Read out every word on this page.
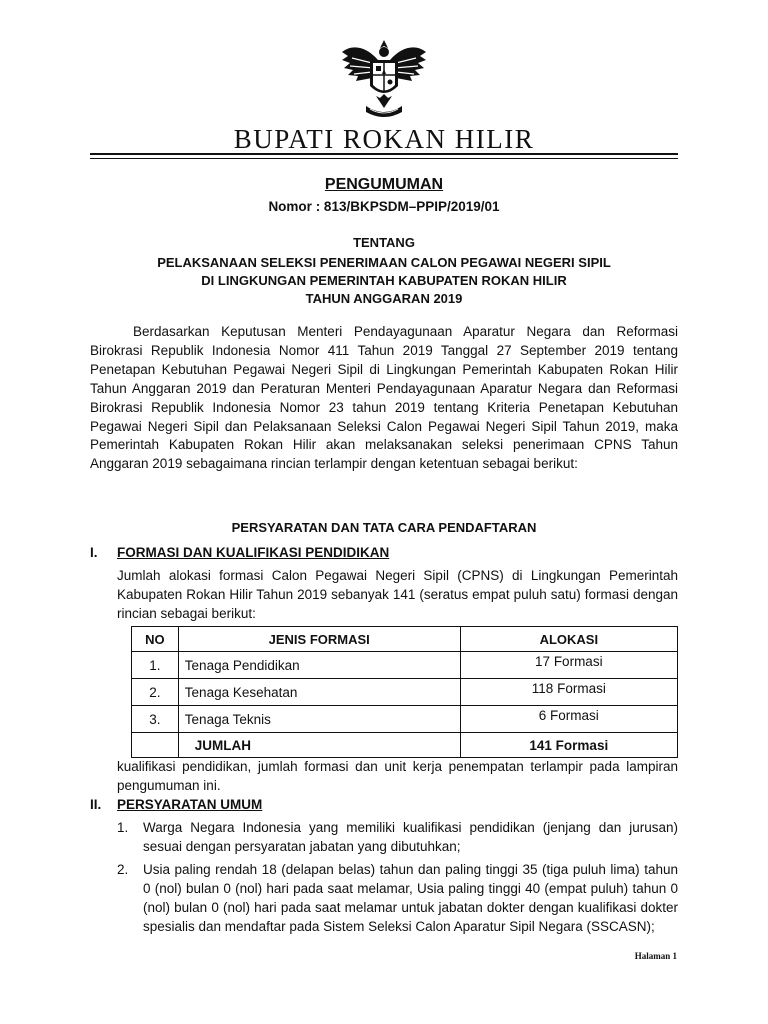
BUPATI ROKAN HILIR
PENGUMUMAN
Nomor : 813/BKPSDM–PPIP/2019/01
TENTANG
PELAKSANAAN SELEKSI PENERIMAAN CALON PEGAWAI NEGERI SIPIL
DI LINGKUNGAN PEMERINTAH KABUPATEN ROKAN HILIR
TAHUN ANGGARAN 2019
Berdasarkan Keputusan Menteri Pendayagunaan Aparatur Negara dan Reformasi Birokrasi Republik Indonesia Nomor 411 Tahun 2019 Tanggal 27 September 2019 tentang Penetapan Kebutuhan Pegawai Negeri Sipil di Lingkungan Pemerintah Kabupaten Rokan Hilir Tahun Anggaran 2019 dan Peraturan Menteri Pendayagunaan Aparatur Negara dan Reformasi Birokrasi Republik Indonesia Nomor 23 tahun 2019 tentang Kriteria Penetapan Kebutuhan Pegawai Negeri Sipil dan Pelaksanaan Seleksi Calon Pegawai Negeri Sipil Tahun 2019, maka Pemerintah Kabupaten Rokan Hilir akan melaksanakan seleksi penerimaan CPNS Tahun Anggaran 2019 sebagaimana rincian terlampir dengan ketentuan sebagai berikut:
PERSYARATAN DAN TATA CARA PENDAFTARAN
I. FORMASI DAN KUALIFIKASI PENDIDIKAN
Jumlah alokasi formasi Calon Pegawai Negeri Sipil (CPNS) di Lingkungan Pemerintah Kabupaten Rokan Hilir Tahun 2019 sebanyak 141 (seratus empat puluh satu) formasi dengan rincian sebagai berikut:
NO	JENIS FORMASI	ALOKASI
1.	Tenaga Pendidikan	17 Formasi
2.	Tenaga Kesehatan	118 Formasi
3.	Tenaga Teknis	6 Formasi
	JUMLAH	141 Formasi
kualifikasi pendidikan, jumlah formasi dan unit kerja penempatan terlampir pada lampiran pengumuman ini.
II. PERSYARATAN UMUM
1. Warga Negara Indonesia yang memiliki kualifikasi pendidikan (jenjang dan jurusan) sesuai dengan persyaratan jabatan yang dibutuhkan;
2. Usia paling rendah 18 (delapan belas) tahun dan paling tinggi 35 (tiga puluh lima) tahun 0 (nol) bulan 0 (nol) hari pada saat melamar, Usia paling tinggi 40 (empat puluh) tahun 0 (nol) bulan 0 (nol) hari pada saat melamar untuk jabatan dokter dengan kualifikasi dokter spesialis dan mendaftar pada Sistem Seleksi Calon Aparatur Sipil Negara (SSCASN);
Halaman 1
